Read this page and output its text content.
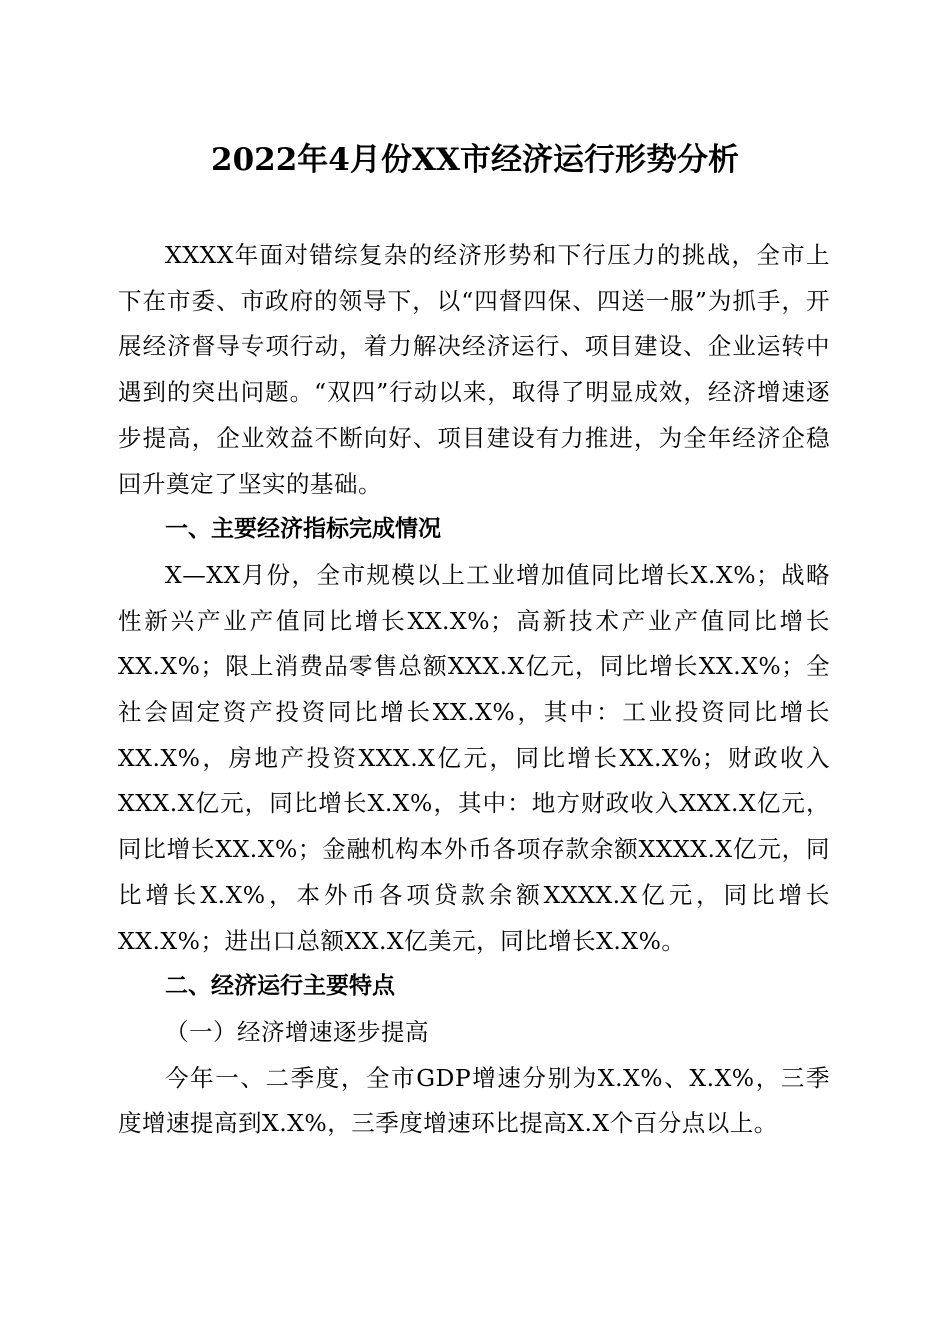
2022年4月份XX市经济运行形势分析

XXXX年面对错综复杂的经济形势和下行压力的挑战，全市上下在市委、市政府的领导下，以“四督四保、四送一服”为抓手，开展经济督导专项行动，着力解决经济运行、项目建设、企业运转中遇到的突出问题。“双四”行动以来，取得了明显成效，经济增速逐步提高，企业效益不断向好、项目建设有力推进，为全年经济企稳回升奠定了坚实的基础。

一、主要经济指标完成情况

X—XX月份，全市规模以上工业增加值同比增长X.X%；战略性新兴产业产值同比增长XX.X%；高新技术产业产值同比增长XX.X%；限上消费品零售总额XXX.X亿元，同比增长XX.X%；全社会固定资产投资同比增长XX.X%，其中：工业投资同比增长XX.X%，房地产投资XXX.X亿元，同比增长XX.X%；财政收入XXX.X亿元，同比增长X.X%，其中：地方财政收入XXX.X亿元，同比增长XX.X%；金融机构本外币各项存款余额XXXX.X亿元，同比增长X.X%，本外币各项贷款余额XXXX.X亿元，同比增长XX.X%；进出口总额XX.X亿美元，同比增长X.X%。

二、经济运行主要特点

（一）经济增速逐步提高

今年一、二季度，全市GDP增速分别为X.X%、X.X%，三季度增速提高到X.X%，三季度增速环比提高X.X个百分点以上。
